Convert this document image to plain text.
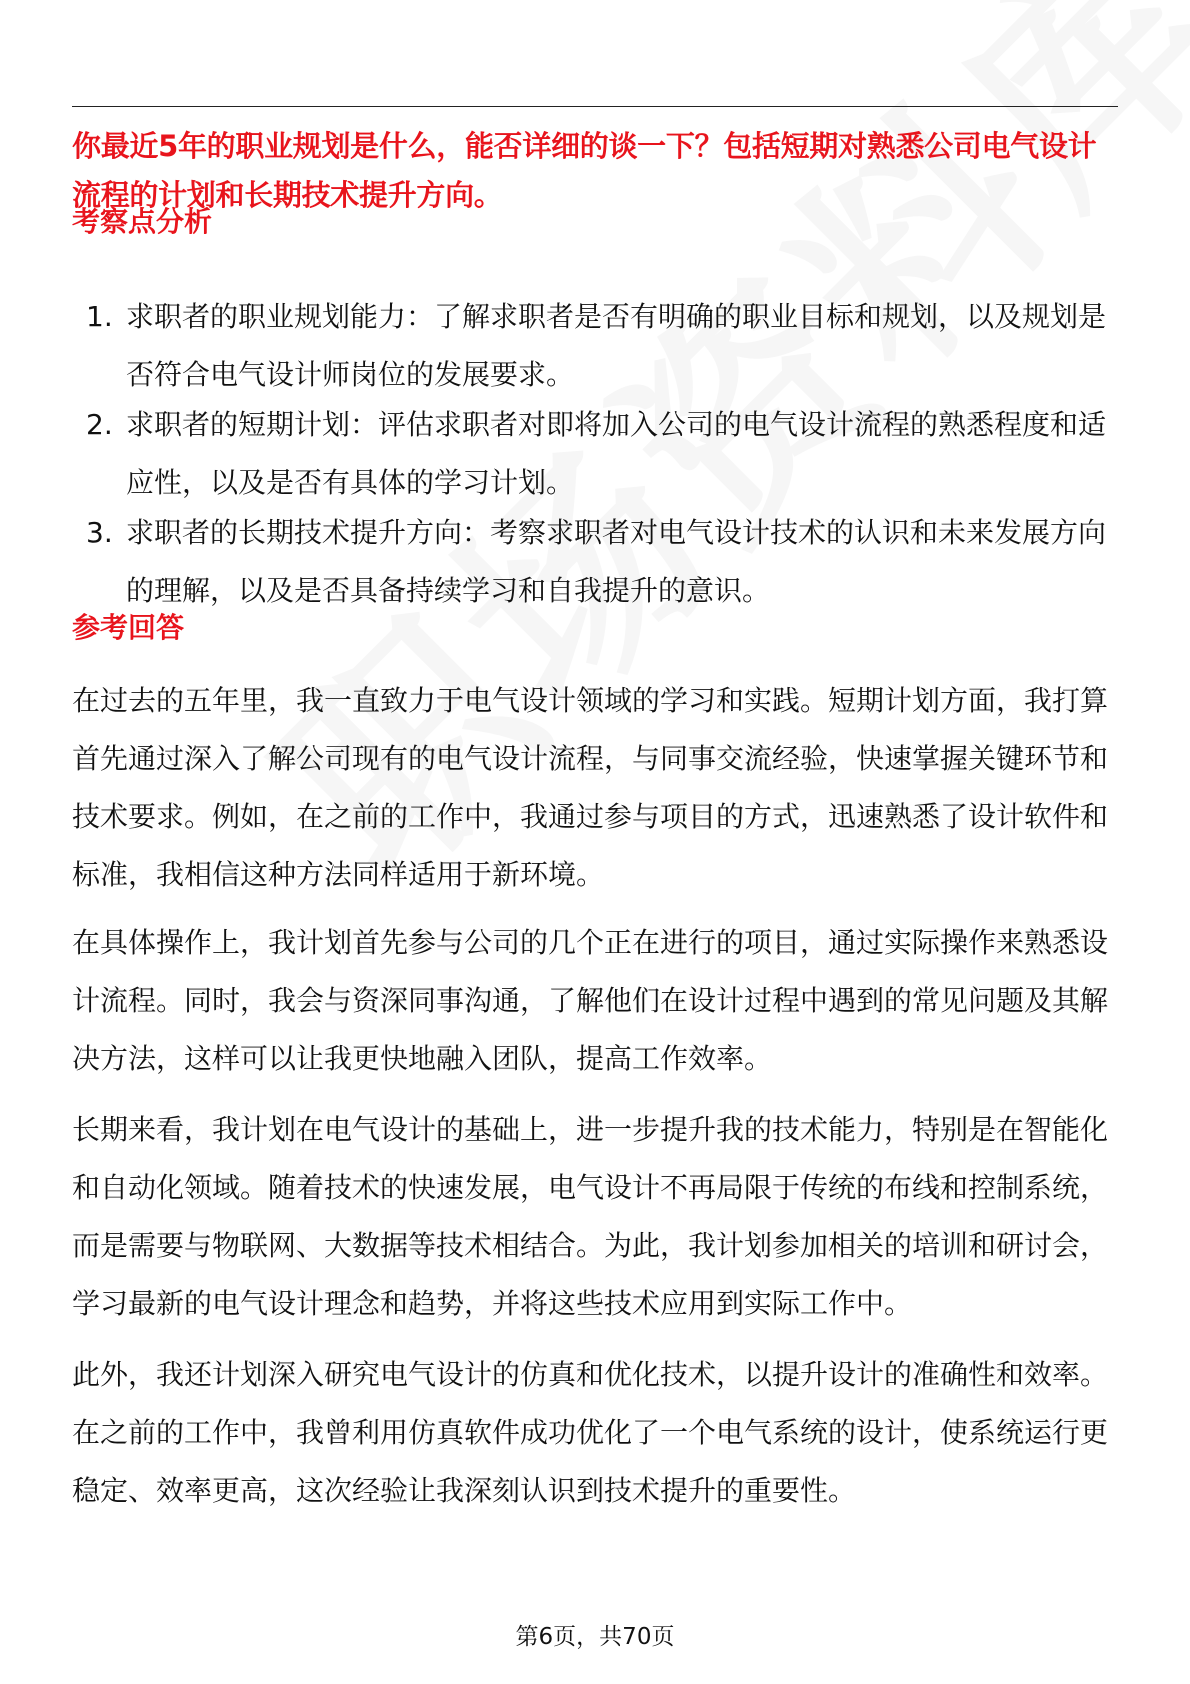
你最近5年的职业规划是什么，能否详细的谈一下？包括短期对熟悉公司电气设计流程的计划和长期技术提升方向。
考察点分析
1. 求职者的职业规划能力：了解求职者是否有明确的职业目标和规划，以及规划是否符合电气设计师岗位的发展要求。
2. 求职者的短期计划：评估求职者对即将加入公司的电气设计流程的熟悉程度和适应性，以及是否有具体的学习计划。
3. 求职者的长期技术提升方向：考察求职者对电气设计技术的认识和未来发展方向的理解，以及是否具备持续学习和自我提升的意识。
参考回答

在过去的五年里，我一直致力于电气设计领域的学习和实践。短期计划方面，我打算首先通过深入了解公司现有的电气设计流程，与同事交流经验，快速掌握关键环节和技术要求。例如，在之前的工作中，我通过参与项目的方式，迅速熟悉了设计软件和标准，我相信这种方法同样适用于新环境。

在具体操作上，我计划首先参与公司的几个正在进行的项目，通过实际操作来熟悉设计流程。同时，我会与资深同事沟通，了解他们在设计过程中遇到的常见问题及其解决方法，这样可以让我更快地融入团队，提高工作效率。

长期来看，我计划在电气设计的基础上，进一步提升我的技术能力，特别是在智能化和自动化领域。随着技术的快速发展，电气设计不再局限于传统的布线和控制系统，而是需要与物联网、大数据等技术相结合。为此，我计划参加相关的培训和研讨会，学习最新的电气设计理念和趋势，并将这些技术应用到实际工作中。

此外，我还计划深入研究电气设计的仿真和优化技术，以提升设计的准确性和效率。在之前的工作中，我曾利用仿真软件成功优化了一个电气系统的设计，使系统运行更稳定、效率更高，这次经验让我深刻认识到技术提升的重要性。

第6页，共70页
